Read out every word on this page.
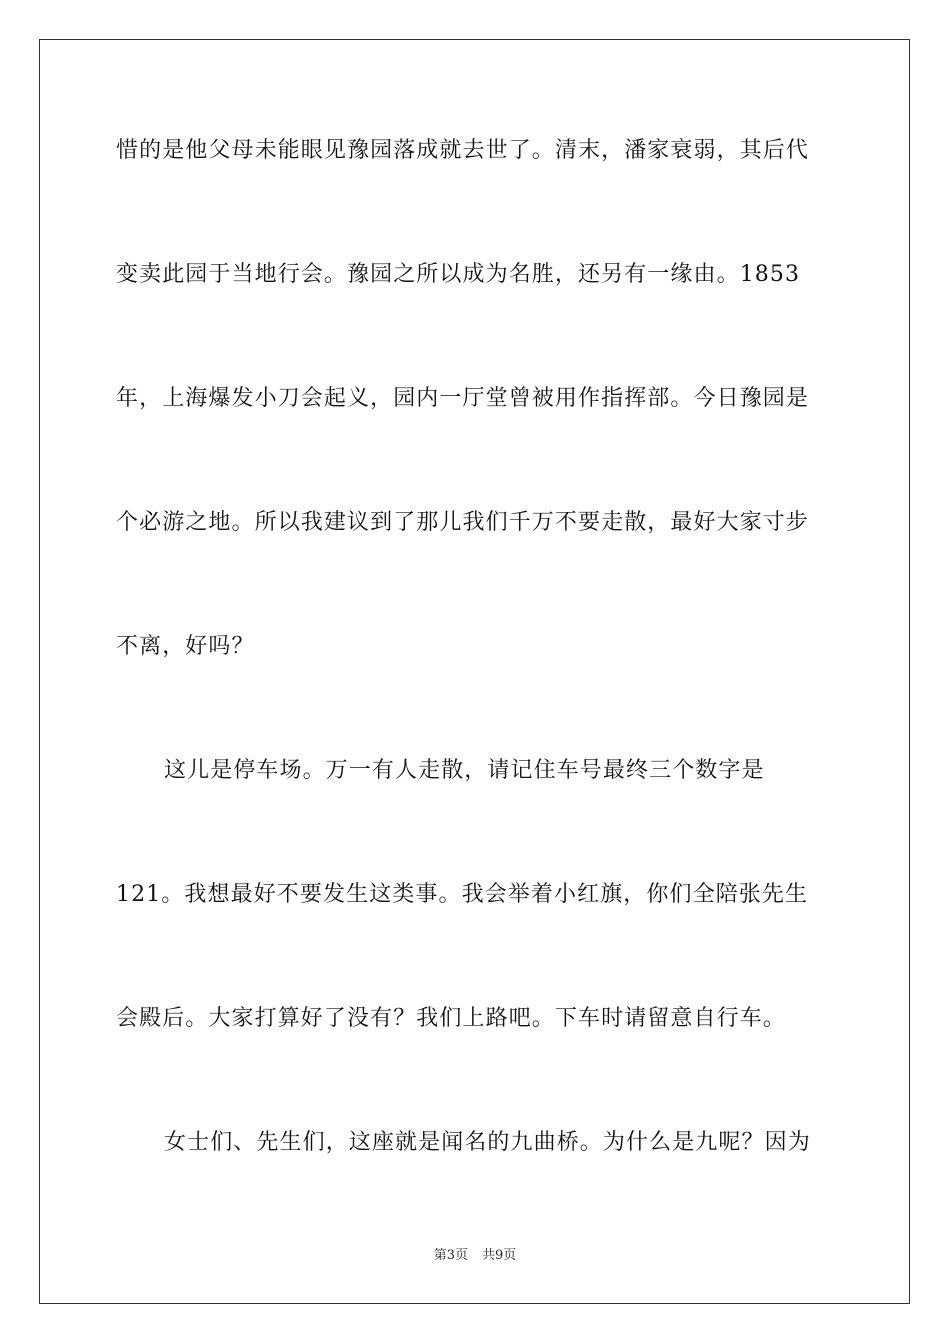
惜的是他父母未能眼见豫园落成就去世了。清末，潘家衰弱，其后代
变卖此园于当地行会。豫园之所以成为名胜，还另有一缘由。1853
年，上海爆发小刀会起义，园内一厅堂曾被用作指挥部。今日豫园是
个必游之地。所以我建议到了那儿我们千万不要走散，最好大家寸步
不离，好吗？
这儿是停车场。万一有人走散，请记住车号最终三个数字是
121。我想最好不要发生这类事。我会举着小红旗，你们全陪张先生
会殿后。大家打算好了没有？我们上路吧。下车时请留意自行车。
女士们、先生们，这座就是闻名的九曲桥。为什么是九呢？因为
第3页 共9页
